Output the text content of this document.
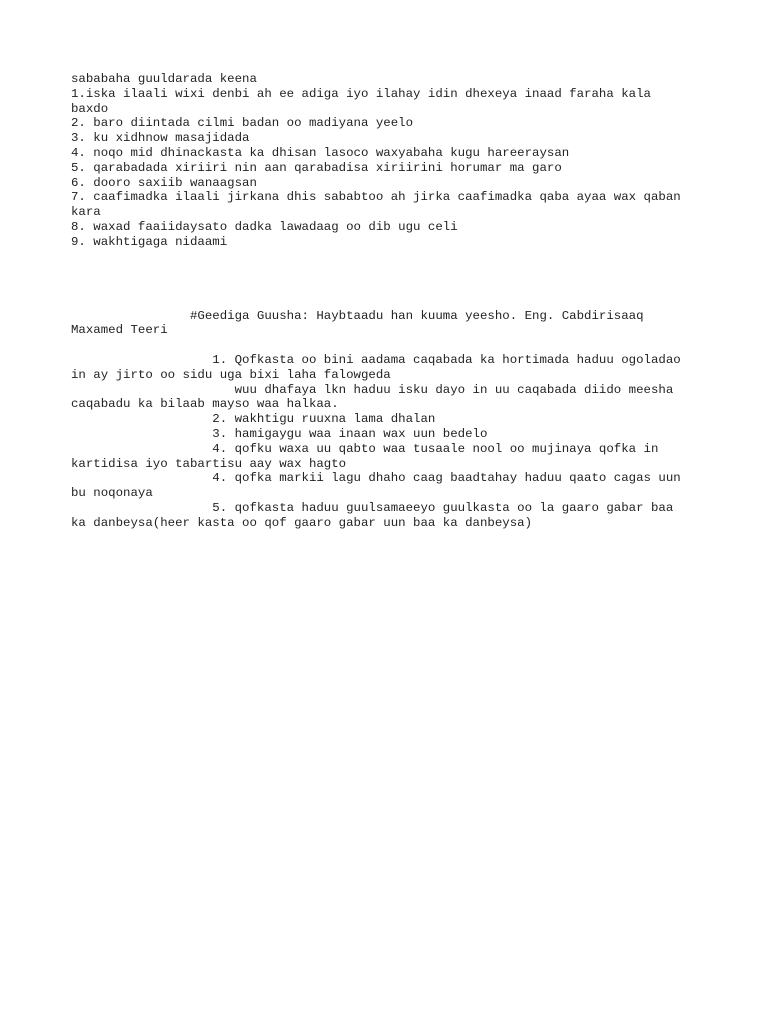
sababaha guuldarada keena
1.iska ilaali wixi denbi ah ee adiga iyo ilahay idin dhexeya inaad faraha kala
baxdo
2. baro diintada cilmi badan oo madiyana yeelo
3. ku xidhnow masajidada
4. noqo mid dhinackasta ka dhisan lasoco waxyabaha kugu hareeraysan
5. qarabadada xiriiri nin aan qarabadisa xiriirini horumar ma garo
6. dooro saxiib wanaagsan
7. caafimadka ilaali jirkana dhis sababtoo ah jirka caafimadka qaba ayaa wax qaban
kara
8. waxad faaiidaysato dadka lawadaag oo dib ugu celi
9. wakhtigaga nidaami
#Geediga Guusha: Haybtaadu han kuuma yeesho. Eng. Cabdirisaaq
Maxamed Teeri
1. Qofkasta oo bini aadama caqabada ka hortimada haduu ogoladao
in ay jirto oo sidu uga bixi laha falowgeda
wuu dhafaya lkn haduu isku dayo in uu caqabada diido meesha
caqabadu ka bilaab mayso waa halkaa.
2. wakhtigu ruuxna lama dhalan
3. hamigaygu waa inaan wax uun bedelo
4. qofku waxa uu qabto waa tusaale nool oo mujinaya qofka in
kartidisa iyo tabartisu aay wax hagto
4. qofka markii lagu dhaho caag baadtahay haduu qaato cagas uun
bu noqonaya
5. qofkasta haduu guulsamaeeyo guulkasta oo la gaaro gabar baa
ka danbeysa(heer kasta oo qof gaaro gabar uun baa ka danbeysa)
